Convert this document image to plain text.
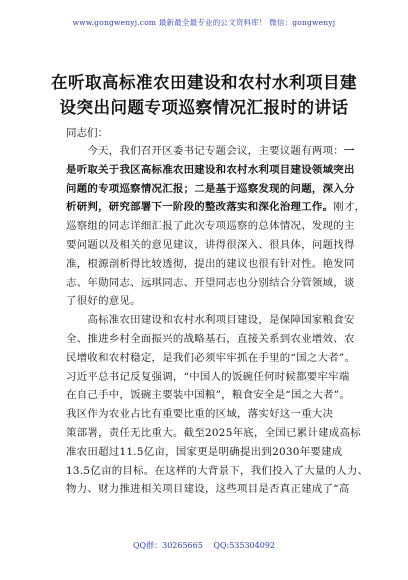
www.gongwenyj.com 最新最全最专业的公文资料库！ 微信：gongwenyj
在听取高标准农田建设和农村水利项目建
设突出问题专项巡察情况汇报时的讲话
同志们：
　　今天，我们召开区委书记专题会议，主要议题有两项：一
是听取关于我区高标准农田建设和农村水利项目建设领域突出
问题的专项巡察情况汇报；二是基于巡察发现的问题，深入分
析研判，研究部署下一阶段的整改落实和深化治理工作。刚才，
巡察组的同志详细汇报了此次专项巡察的总体情况、发现的主
要问题以及相关的意见建议，讲得很深入、很具体，问题找得
准，根源剖析得比较透彻，提出的建议也很有针对性。艳发同
志、年勋同志、远琪同志、开望同志也分别结合分管领域，谈
了很好的意见。
　　高标准农田建设和农村水利项目建设，是保障国家粮食安
全、推进乡村全面振兴的战略基石，直接关系到农业增效、农
民增收和农村稳定，是我们必须牢牢抓在手里的“国之大者”。
习近平总书记反复强调，“中国人的饭碗任何时候都要牢牢端
在自己手中，饭碗主要装中国粮”，粮食安全是“国之大者”。
我区作为农业占比有重要比重的区域，落实好这一重大决
策部署，责任无比重大。截至2025年底，全国已累计建成高标
准农田超过11.5亿亩，国家更是明确提出到2030年要建成
13.5亿亩的目标。在这样的大背景下，我们投入了大量的人力、
物力、财力推进相关项目建设，这些项目是否真正建成了“高
QQ群：30265665 QQ:535304092
